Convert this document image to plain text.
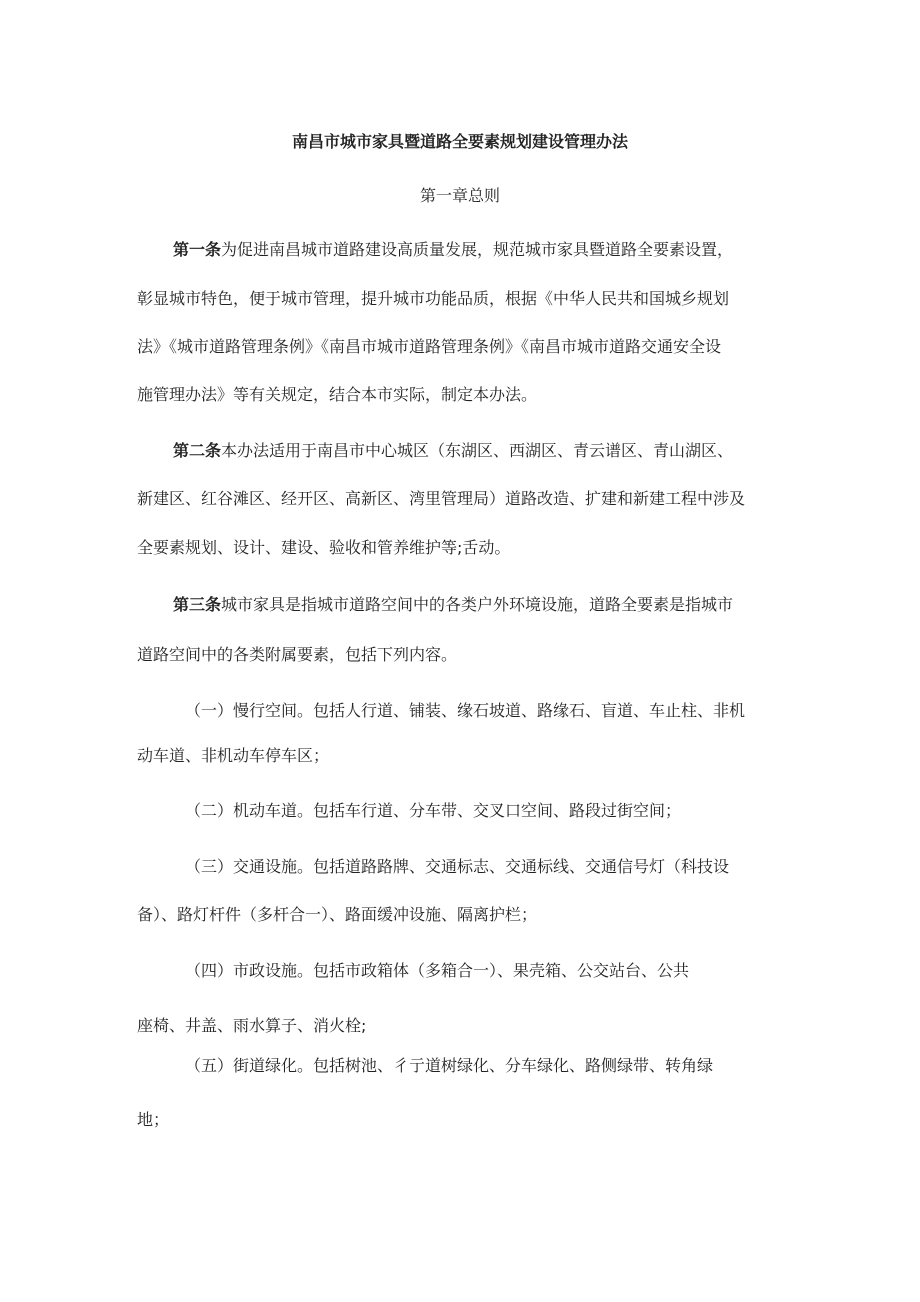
南昌市城市家具暨道路全要素规划建设管理办法
第一章总则
第一条为促进南昌城市道路建设高质量发展，规范城市家具暨道路全要素设置，
彰显城市特色，便于城市管理，提升城市功能品质，根据《中华人民共和国城乡规划
法》《城市道路管理条例》《南昌市城市道路管理条例》《南昌市城市道路交通安全设
施管理办法》等有关规定，结合本市实际，制定本办法。
第二条本办法适用于南昌市中心城区（东湖区、西湖区、青云谱区、青山湖区、
新建区、红谷滩区、经开区、高新区、湾里管理局）道路改造、扩建和新建工程中涉及
全要素规划、设计、建设、验收和管养维护等;舌动。
第三条城市家具是指城市道路空间中的各类户外环境设施，道路全要素是指城市
道路空间中的各类附属要素，包括下列内容。
（一）慢行空间。包括人行道、铺装、缘石坡道、路缘石、盲道、车止柱、非机
动车道、非机动车停车区；
（二）机动车道。包括车行道、分车带、交叉口空间、路段过街空间；
（三）交通设施。包括道路路牌、交通标志、交通标线、交通信号灯（科技设
备）、路灯杆件（多杆合一）、路面缓冲设施、隔离护栏；
（四）市政设施。包括市政箱体（多箱合一）、果壳箱、公交站台、公共
座椅、井盖、雨水算子、消火栓;
（五）街道绿化。包括树池、彳亍道树绿化、分车绿化、路侧绿带、转角绿
地；
